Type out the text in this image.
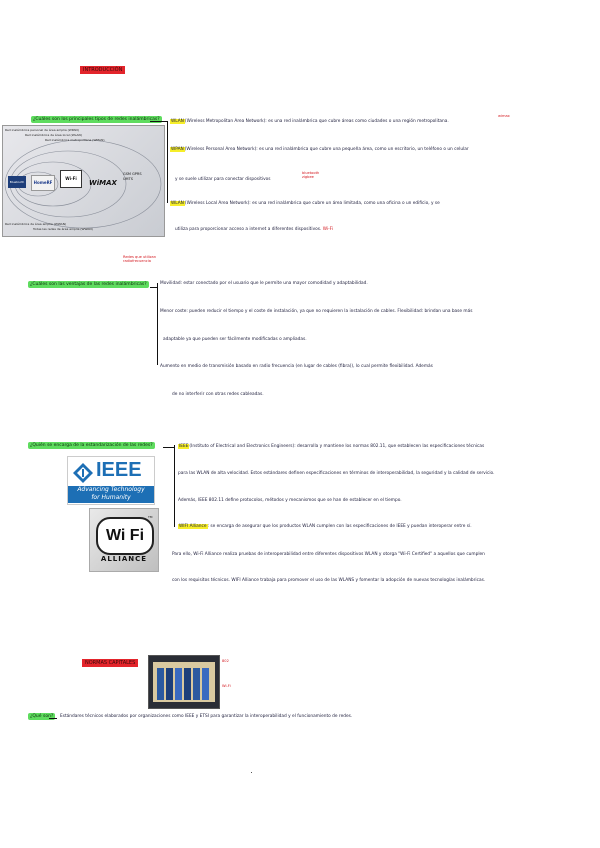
INTRODUCCIÓN
¿Cuáles son los principales tipos de redes inalámbricas?	WLAN(Wireless Metropolitan Area Network): es una red inalámbrica que cubre áreas como ciudades o una región metropolitana.
wimax
WPAN(Wireless Personal Area Network): es una red inalámbrica que cubre una pequeña área, como un escritorio, un teléfono o un celular
y se suele utilizar para conectar dispositivos
bluetooth zigbee
WLAN(Wireless Local Area Network): es una red inalámbrica que cubre un área limitada, como una oficina o un edificio, y se
utiliza para proporcionar acceso a internet a diferentes dispositivos. Wi-Fi
Red inalámbrica personal de área amplia (WPAN)
Red inalámbrica de área local (WLAN)
Red inalámbrica metropolitana (WMAN)
Bluetooth	HomeRF
Wi-Fi
WiMAX
GSM GPRS UMTS
Red inalámbrica de área amplia (WWAN)
Todas las redes de área amplia (WWAN)
Redes que utilizan radiofrecuencia
¿Cuáles son las ventajas de las redes inalámbricas?	Movilidad: estar conectado por el usuario que le permite una mayor comodidad y adaptabilidad.
Menor coste: pueden reducir el tiempo y el coste de instalación, ya que no requieren la instalación de cables. Flexibilidad: brindan una base más
adaptable ya que pueden ser fácilmente modificadas o ampliadas.
Aumento en medio de transmisión basado en radio frecuencia (en lugar de cables (fibra)), lo cual permite flexibilidad. Además
de no interferir con otras redes cableadas.
¿Quién se encarga de la estandarización de las redes?	IEEE(Instituto of Electrical and Electronics Engineers): desarrolla y mantiene los normas 802.11, que establecen las especificaciones técnicas
para las WLAN de alta velocidad. Estos estándares definen especificaciones en términos de interoperabilidad, la seguridad y la calidad de servicio.
Además, IEEE 802.11 define protocolos, métodos y mecanismos que se han de establecer en el tiempo.
WIFI Alliance: se encarga de asegurar que los productos WLAN cumplen con las especificaciones de IEEE y puedan interoperar entre sí.
Para ello, Wi-Fi Alliance realiza pruebas de interoperabilidad entre diferentes dispositivos WLAN y otorga "Wi-Fi Certified" a aquellos que cumplen
con los requisitos técnicos. WIFI Alliance trabaja para promover el uso de las WLANS y fomentar la adopción de nuevas tecnologías inalámbricas.
IEEE
Advancing Technology
for Humanity
Wi Fi
TM
ALLIANCE
NORMAS CAPITALES	802
Wi-Fi
¿Qué son?	Estándares técnicos elaborados por organizaciones como IEEE y ETSI para garantizar la interoperabilidad y el funcionamiento de redes.
